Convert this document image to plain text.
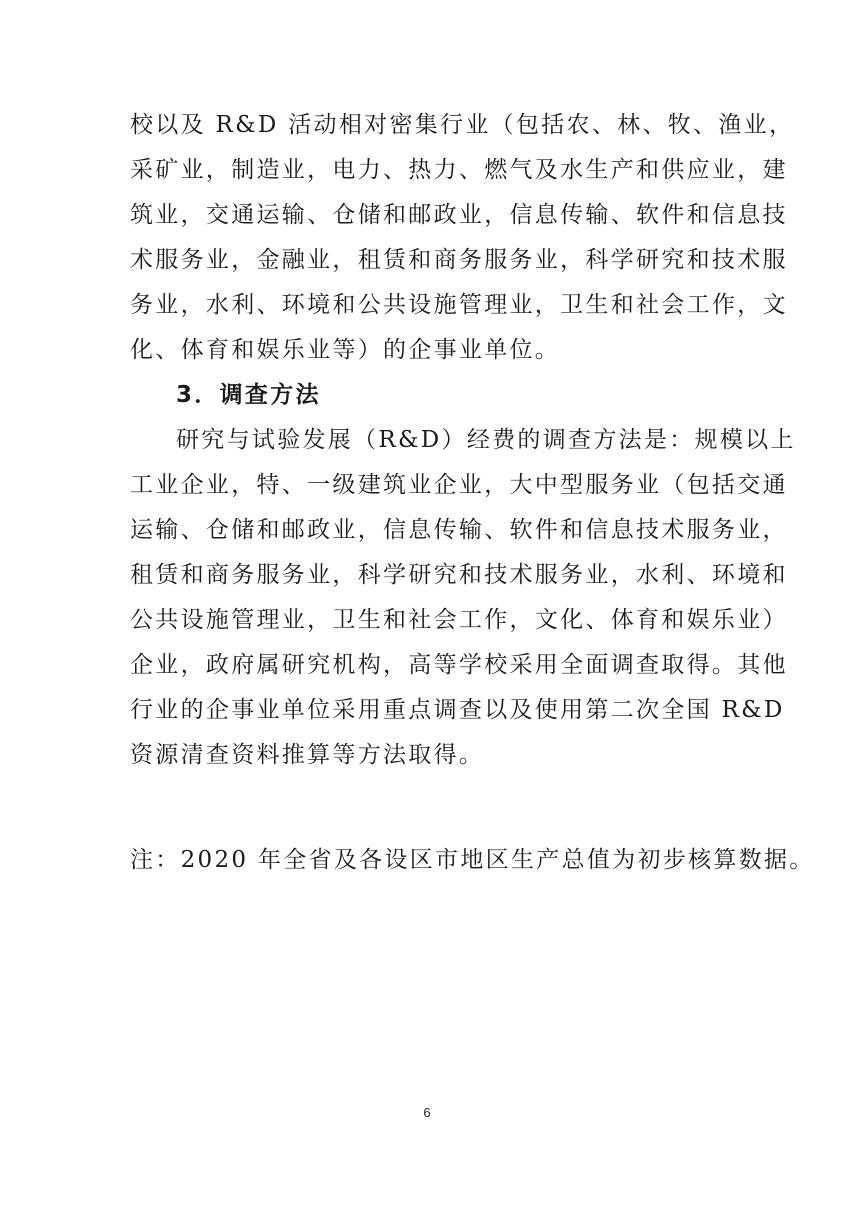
校以及 R&D 活动相对密集行业（包括农、林、牧、渔业，
采矿业，制造业，电力、热力、燃气及水生产和供应业，建
筑业，交通运输、仓储和邮政业，信息传输、软件和信息技
术服务业，金融业，租赁和商务服务业，科学研究和技术服
务业，水利、环境和公共设施管理业，卫生和社会工作，文
化、体育和娱乐业等）的企事业单位。
3．调查方法
研究与试验发展（R&D）经费的调查方法是：规模以上
工业企业，特、一级建筑业企业，大中型服务业（包括交通
运输、仓储和邮政业，信息传输、软件和信息技术服务业，
租赁和商务服务业，科学研究和技术服务业，水利、环境和
公共设施管理业，卫生和社会工作，文化、体育和娱乐业）
企业，政府属研究机构，高等学校采用全面调查取得。其他
行业的企事业单位采用重点调查以及使用第二次全国 R&D
资源清查资料推算等方法取得。
注：2020 年全省及各设区市地区生产总值为初步核算数据。
6
